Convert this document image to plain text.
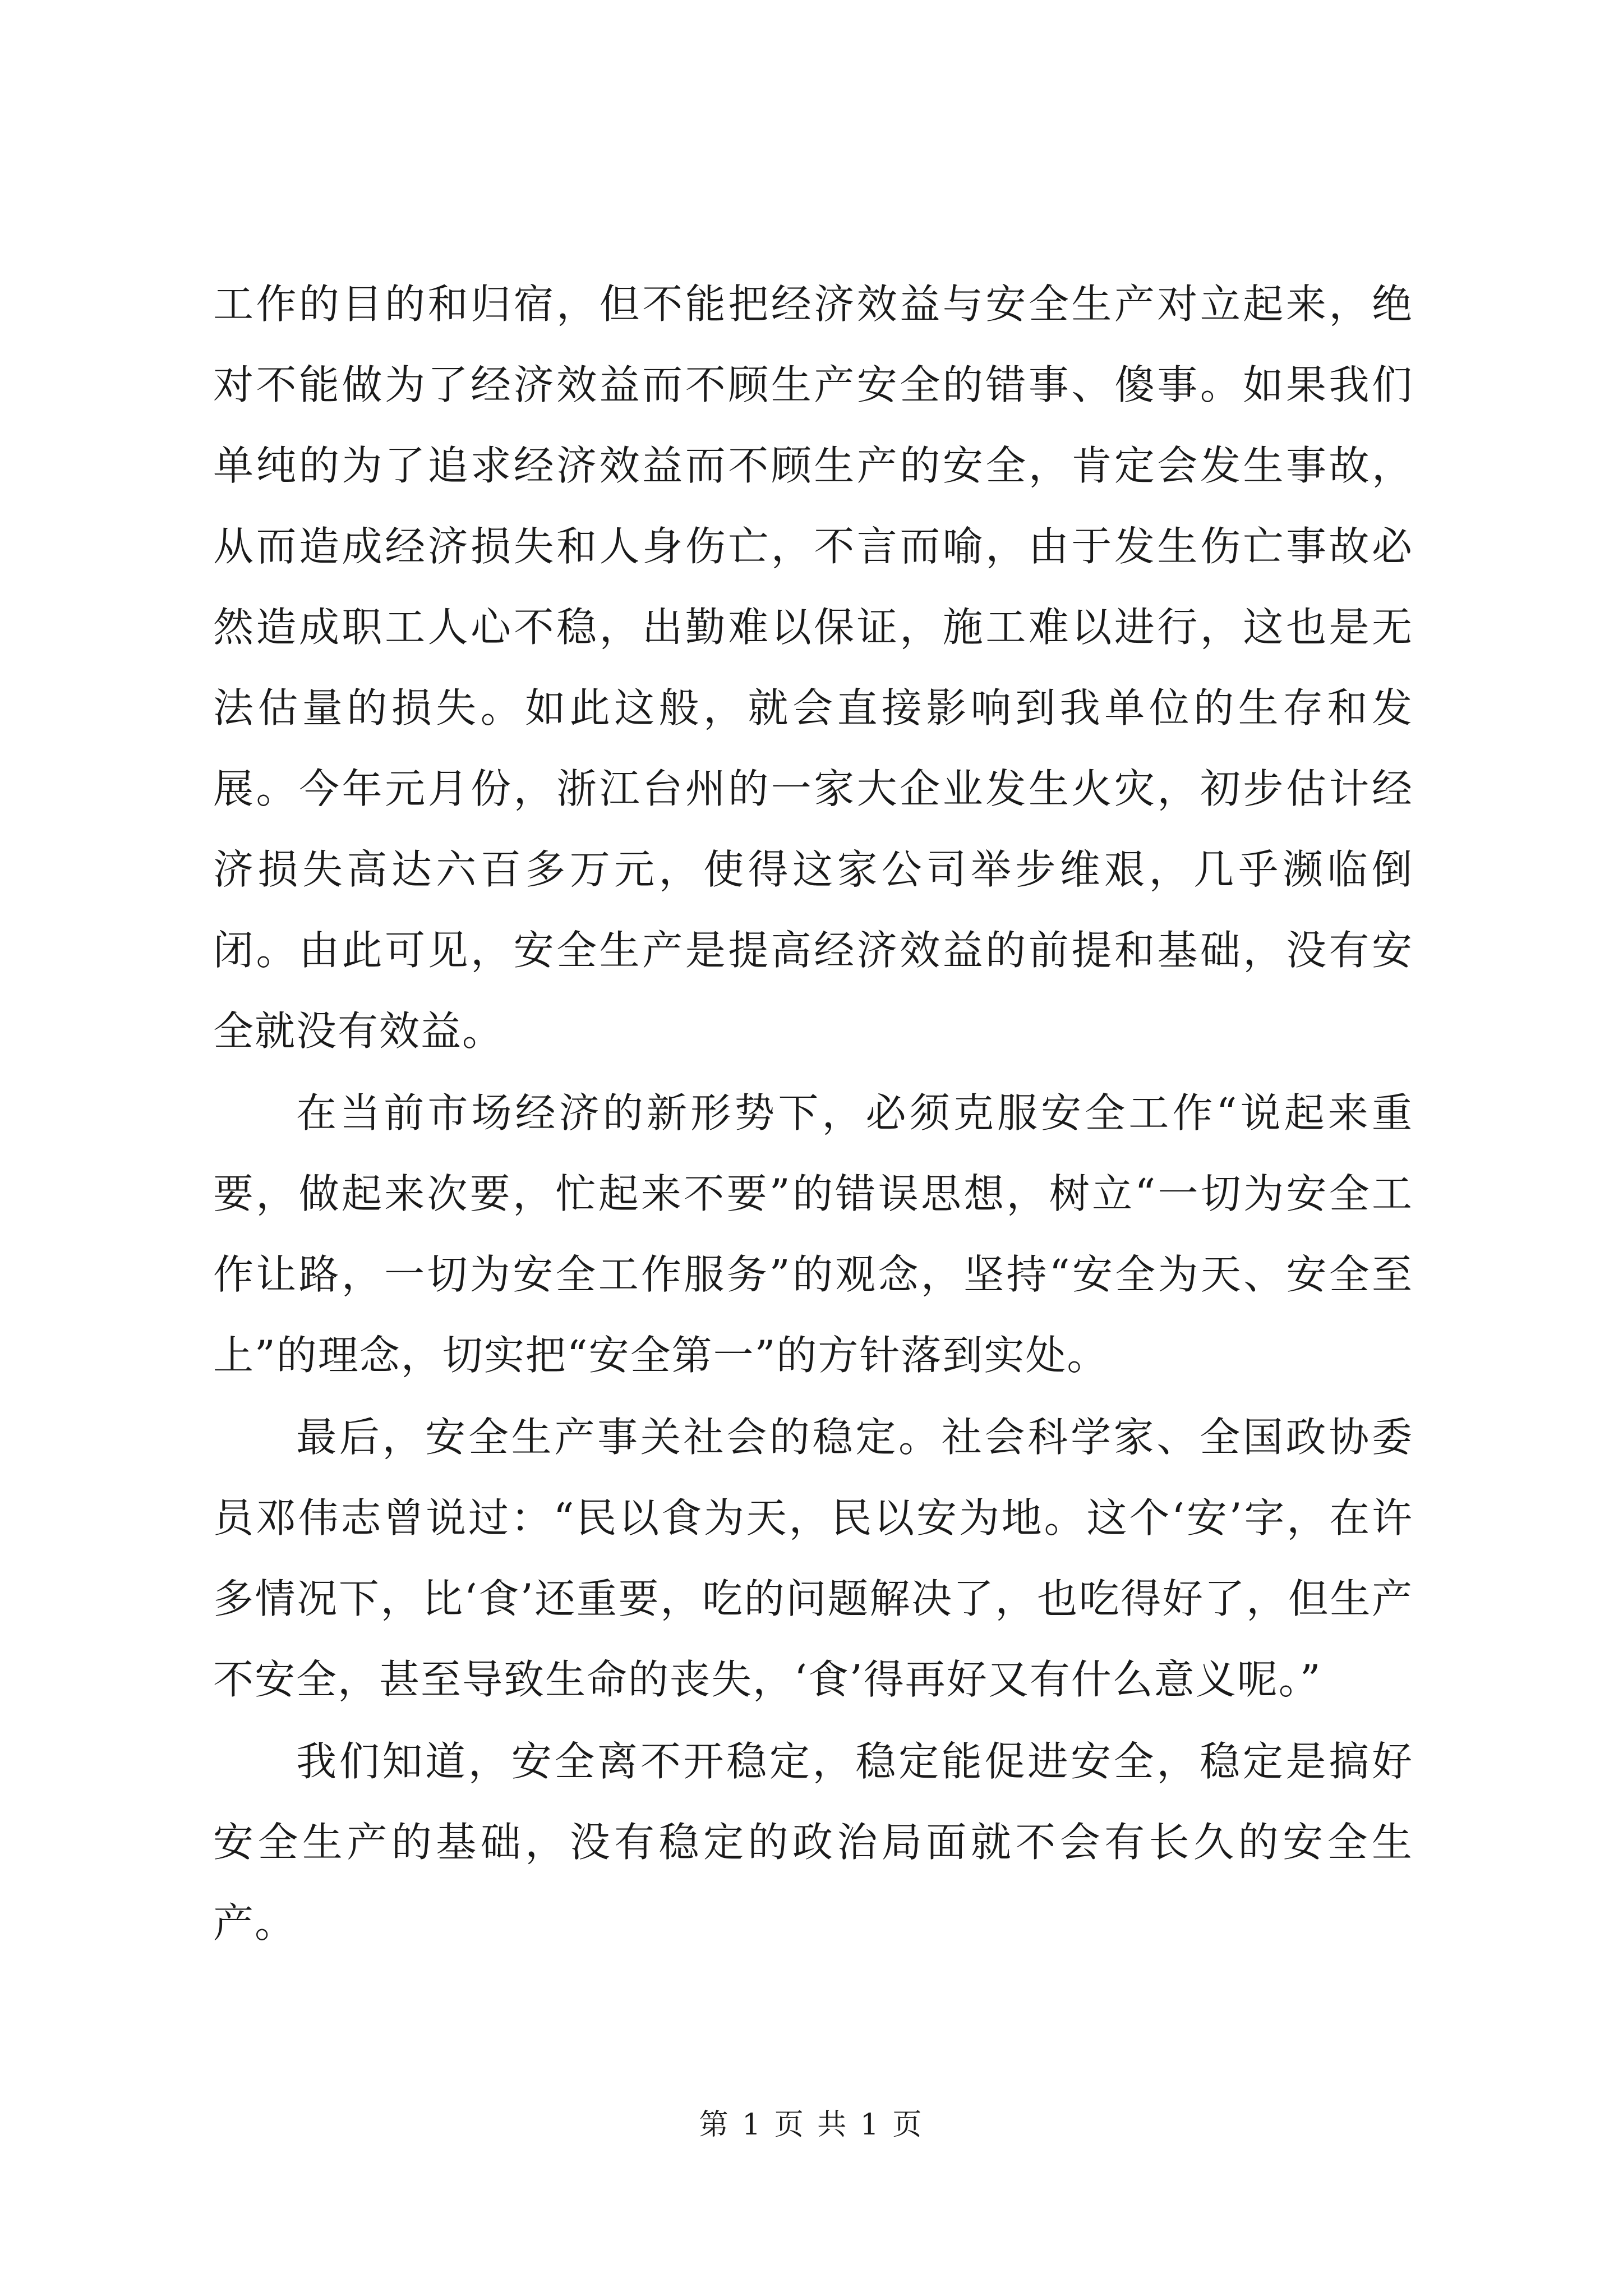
工作的目的和归宿，但不能把经济效益与安全生产对立起来，绝对不能做为了经济效益而不顾生产安全的错事、傻事。如果我们单纯的为了追求经济效益而不顾生产的安全，肯定会发生事故，从而造成经济损失和人身伤亡，不言而喻，由于发生伤亡事故必然造成职工人心不稳，出勤难以保证，施工难以进行，这也是无法估量的损失。如此这般，就会直接影响到我单位的生存和发展。今年元月份，浙江台州的一家大企业发生火灾，初步估计经济损失高达六百多万元，使得这家公司举步维艰，几乎濒临倒闭。由此可见，安全生产是提高经济效益的前提和基础，没有安全就没有效益。

在当前市场经济的新形势下，必须克服安全工作“说起来重要，做起来次要，忙起来不要”的错误思想，树立“一切为安全工作让路，一切为安全工作服务”的观念，坚持“安全为天、安全至上”的理念，切实把“安全第一”的方针落到实处。

最后，安全生产事关社会的稳定。社会科学家、全国政协委员邓伟志曾说过：“民以食为天，民以安为地。这个‘安’字，在许多情况下，比‘食’还重要，吃的问题解决了，也吃得好了，但生产不安全，甚至导致生命的丧失，‘食’得再好又有什么意义呢。”

我们知道，安全离不开稳定，稳定能促进安全，稳定是搞好安全生产的基础，没有稳定的政治局面就不会有长久的安全生产。

第 1 页 共 1 页
